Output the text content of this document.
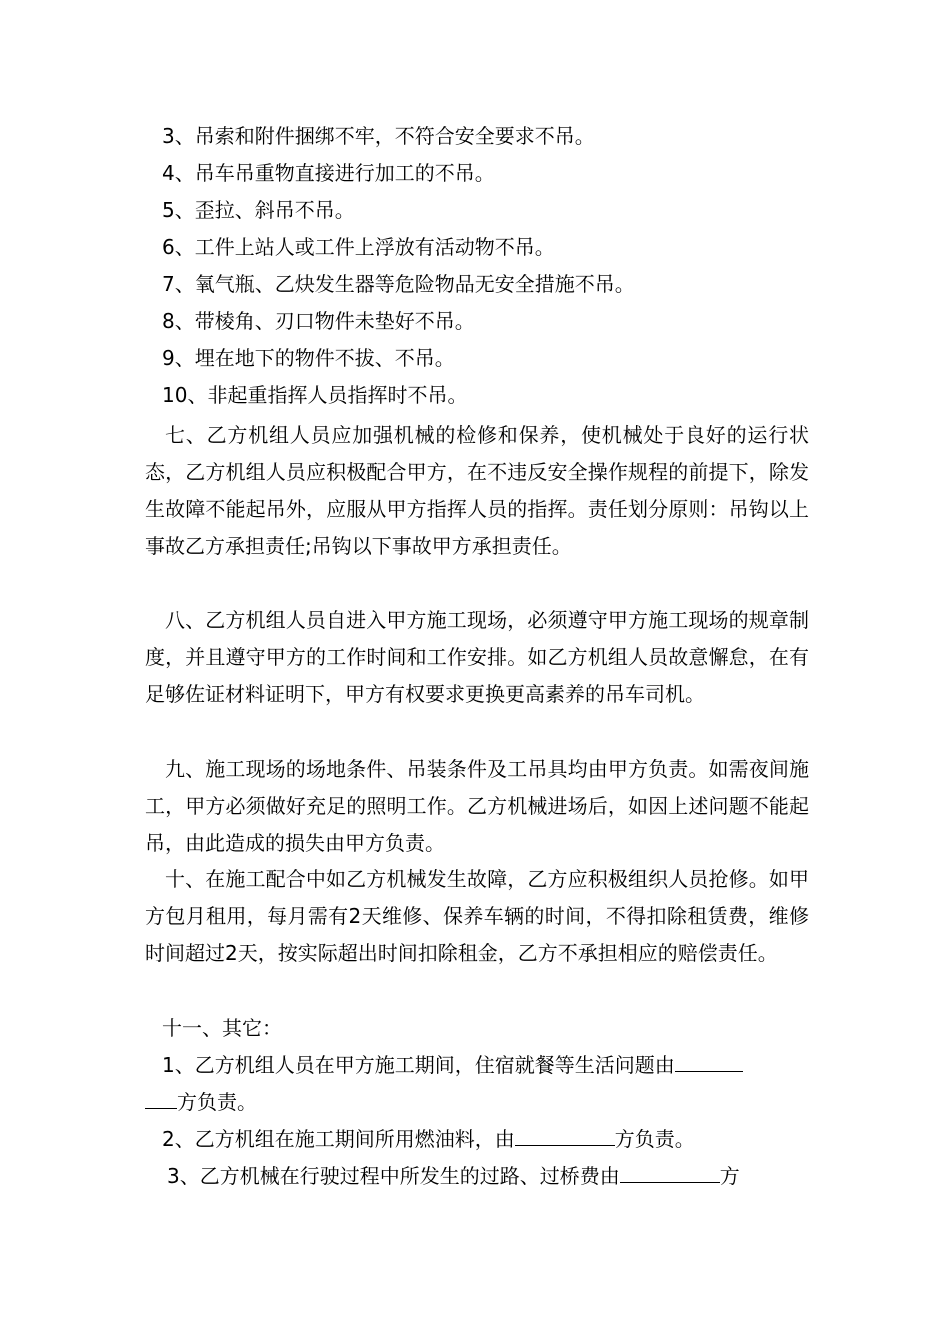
3、吊索和附件捆绑不牢，不符合安全要求不吊。
4、吊车吊重物直接进行加工的不吊。
5、歪拉、斜吊不吊。
6、工件上站人或工件上浮放有活动物不吊。
7、氧气瓶、乙炔发生器等危险物品无安全措施不吊。
8、带棱角、刃口物件未垫好不吊。
9、埋在地下的物件不拔、不吊。
10、非起重指挥人员指挥时不吊。
七、乙方机组人员应加强机械的检修和保养，使机械处于良好的运行状态，乙方机组人员应积极配合甲方，在不违反安全操作规程的前提下，除发生故障不能起吊外，应服从甲方指挥人员的指挥。责任划分原则：吊钩以上事故乙方承担责任;吊钩以下事故甲方承担责任。
八、乙方机组人员自进入甲方施工现场，必须遵守甲方施工现场的规章制度，并且遵守甲方的工作时间和工作安排。如乙方机组人员故意懈怠，在有足够佐证材料证明下，甲方有权要求更换更高素养的吊车司机。
九、施工现场的场地条件、吊装条件及工吊具均由甲方负责。如需夜间施工，甲方必须做好充足的照明工作。乙方机械进场后，如因上述问题不能起吊，由此造成的损失由甲方负责。
十、在施工配合中如乙方机械发生故障，乙方应积极组织人员抢修。如甲方包月租用，每月需有2天维修、保养车辆的时间，不得扣除租赁费，维修时间超过2天，按实际超出时间扣除租金，乙方不承担相应的赔偿责任。
十一、其它：
1、乙方机组人员在甲方施工期间，住宿就餐等生活问题由
方负责。
2、乙方机组在施工期间所用燃油料，由	方负责。
3、乙方机械在行驶过程中所发生的过路、过桥费由	方
